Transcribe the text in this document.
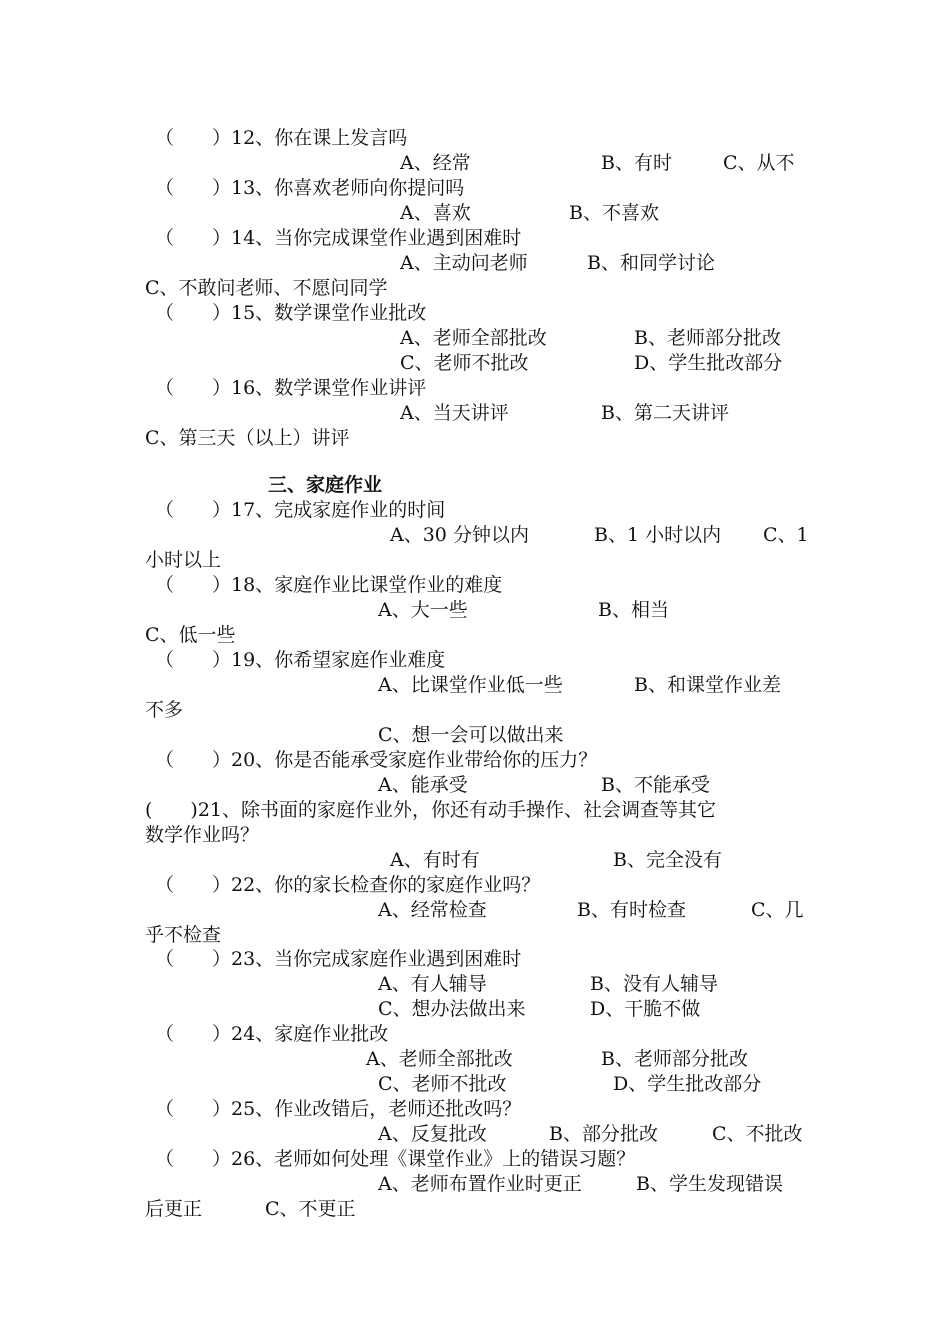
（　　）12、你在课上发言吗
A、经常	B、有时	C、从不
（　　）13、你喜欢老师向你提问吗
A、喜欢	B、不喜欢
（　　）14、当你完成课堂作业遇到困难时
A、主动问老师	B、和同学讨论
C、不敢问老师、不愿问同学
（　　）15、数学课堂作业批改
A、老师全部批改	B、老师部分批改
C、老师不批改	D、学生批改部分
（　　）16、数学课堂作业讲评
A、当天讲评	B、第二天讲评
C、第三天（以上）讲评
三、家庭作业
（　　）17、完成家庭作业的时间
A、30 分钟以内	B、1 小时以内 C、1
小时以上
（　　）18、家庭作业比课堂作业的难度
A、大一些	B、相当
C、低一些
（　　）19、你希望家庭作业难度
A、比课堂作业低一些	B、和课堂作业差
不多
C、想一会可以做出来
（　　）20、你是否能承受家庭作业带给你的压力？
A、能承受	B、不能承受
(　　)21、除书面的家庭作业外，你还有动手操作、社会调查等其它
数学作业吗？
A、有时有	B、完全没有
（　　）22、你的家长检查你的家庭作业吗？
A、经常检查	B、有时检查	C、几
乎不检查
（　　）23、当你完成家庭作业遇到困难时
A、有人辅导	B、没有人辅导
C、想办法做出来	D、干脆不做
（　　）24、家庭作业批改
A、老师全部批改	B、老师部分批改
C、老师不批改	D、学生批改部分
（　　）25、作业改错后，老师还批改吗？
A、反复批改	B、部分批改	C、不批改
（　　）26、老师如何处理《课堂作业》上的错误习题？
A、老师布置作业时更正	B、学生发现错误
后更正	C、不更正
